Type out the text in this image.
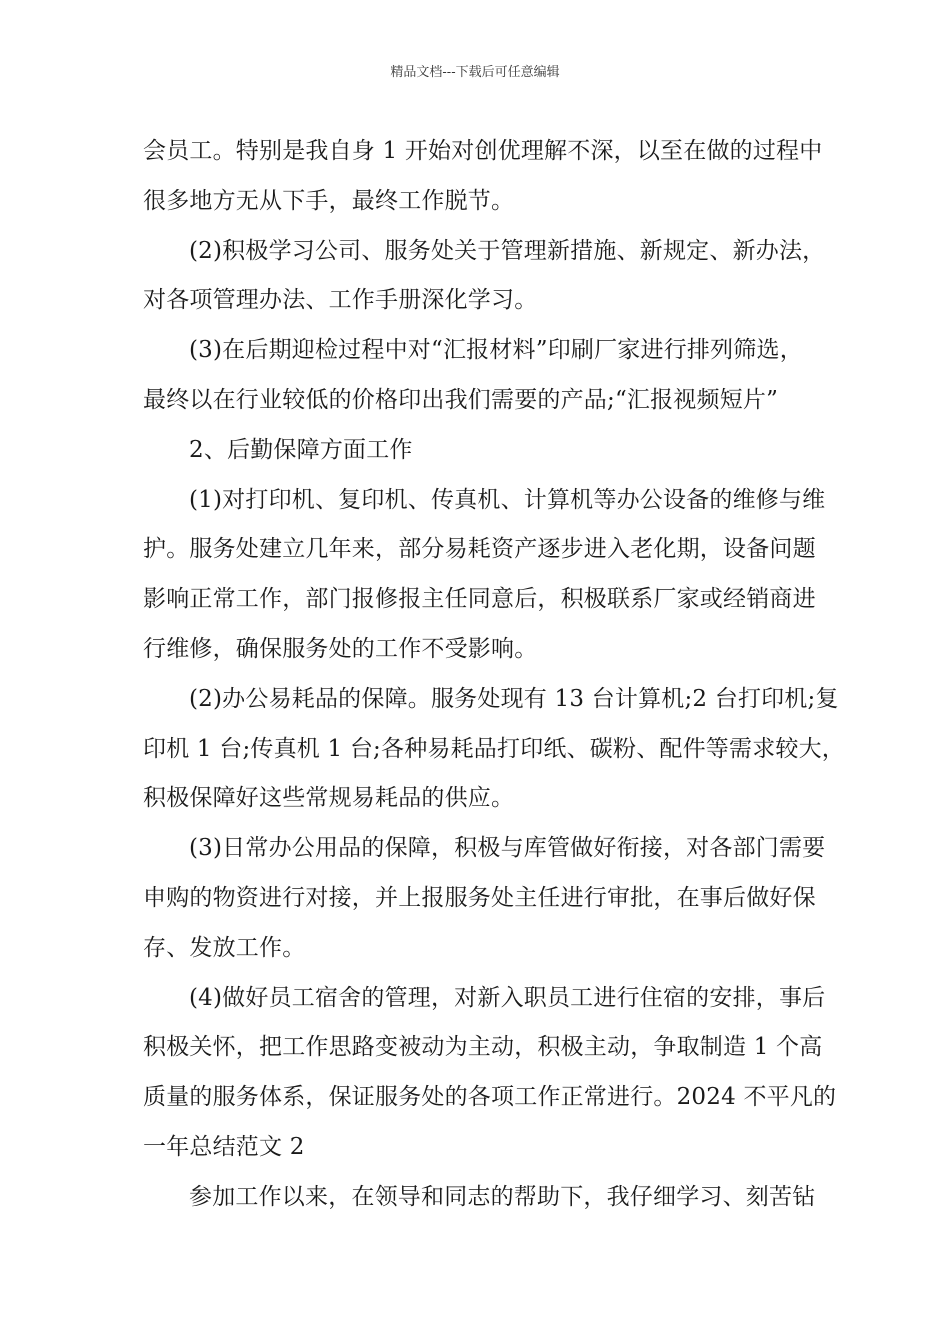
精品文档---下载后可任意编辑
会员工。特别是我自身 1 开始对创优理解不深，以至在做的过程中
很多地方无从下手，最终工作脱节。
(2)积极学习公司、服务处关于管理新措施、新规定、新办法，
对各项管理办法、工作手册深化学习。
(3)在后期迎检过程中对“汇报材料”印刷厂家进行排列筛选，
最终以在行业较低的价格印出我们需要的产品;“汇报视频短片”
2、后勤保障方面工作
(1)对打印机、复印机、传真机、计算机等办公设备的维修与维
护。服务处建立几年来，部分易耗资产逐步进入老化期，设备问题
影响正常工作，部门报修报主任同意后，积极联系厂家或经销商进
行维修，确保服务处的工作不受影响。
(2)办公易耗品的保障。服务处现有 13 台计算机;2 台打印机;复
印机 1 台;传真机 1 台;各种易耗品打印纸、碳粉、配件等需求较大，
积极保障好这些常规易耗品的供应。
(3)日常办公用品的保障，积极与库管做好衔接，对各部门需要
申购的物资进行对接，并上报服务处主任进行审批，在事后做好保
存、发放工作。
(4)做好员工宿舍的管理，对新入职员工进行住宿的安排，事后
积极关怀，把工作思路变被动为主动，积极主动，争取制造 1 个高
质量的服务体系，保证服务处的各项工作正常进行。2024 不平凡的
一年总结范文 2
参加工作以来，在领导和同志的帮助下，我仔细学习、刻苦钻
